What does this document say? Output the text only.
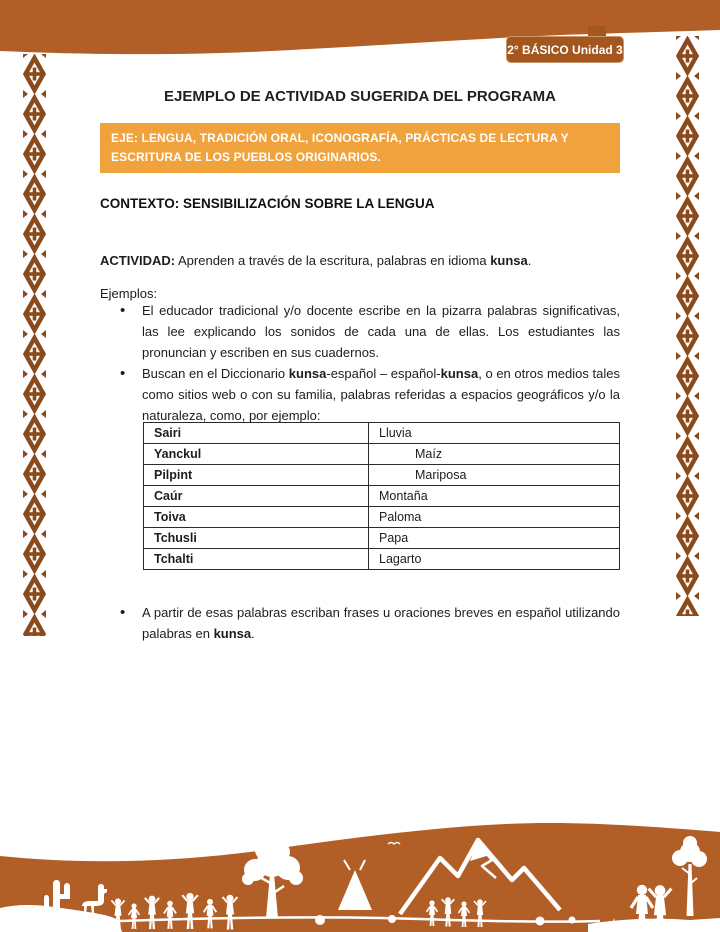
2° BÁSICO Unidad 3
EJEMPLO DE ACTIVIDAD SUGERIDA DEL PROGRAMA
EJE: LENGUA, TRADICIÓN ORAL, ICONOGRAFÍA, PRÁCTICAS DE LECTURA Y ESCRITURA DE LOS PUEBLOS ORIGINARIOS.
CONTEXTO: SENSIBILIZACIÓN SOBRE LA LENGUA

ACTIVIDAD: Aprenden a través de la escritura, palabras en idioma kunsa.

Ejemplos:
• El educador tradicional y/o docente escribe en la pizarra palabras significativas, las lee explicando los sonidos de cada una de ellas. Los estudiantes las pronuncian y escriben en sus cuadernos.
• Buscan en el Diccionario kunsa-español – español-kunsa, o en otros medios tales como sitios web o con su familia, palabras referidas a espacios geográficos y/o la naturaleza, como, por ejemplo:
Sairi	Lluvia
Yanckul	Maíz
Pilpint	Mariposa
Caúr	Montaña
Toiva	Paloma
Tchusli	Papa
Tchalti	Lagarto
• A partir de esas palabras escriban frases u oraciones breves en español utilizando palabras en kunsa.
